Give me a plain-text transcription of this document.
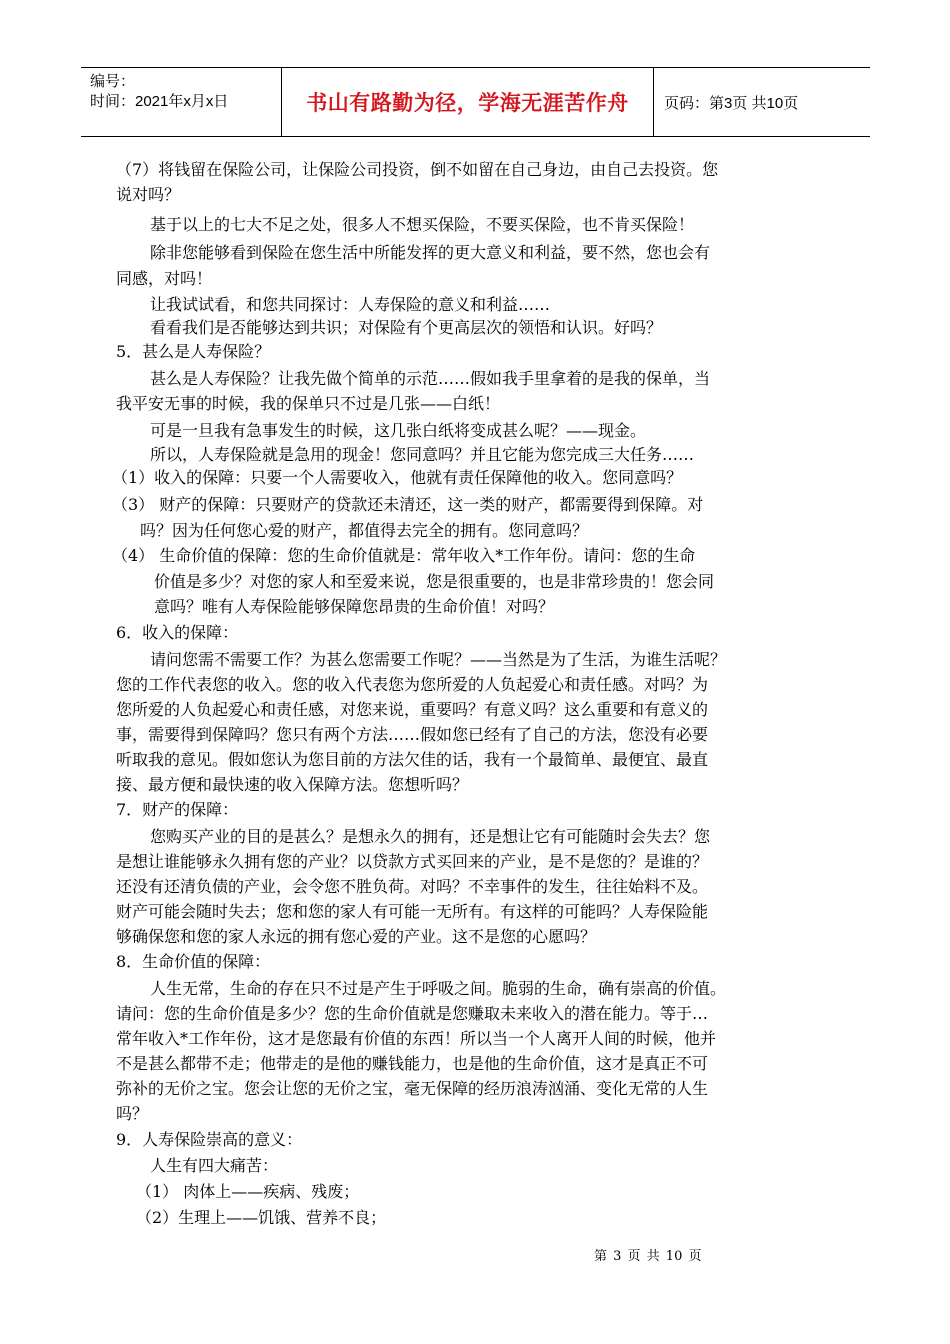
编号：
时间：2021年x月x日	书山有路勤为径，学海无涯苦作舟 页码：第3页 共10页
（7）将钱留在保险公司，让保险公司投资，倒不如留在自己身边，由自己去投资。您
说对吗？
基于以上的七大不足之处，很多人不想买保险，不要买保险，也不肯买保险！
除非您能够看到保险在您生活中所能发挥的更大意义和利益，要不然，您也会有
同感，对吗！
让我试试看，和您共同探讨：人寿保险的意义和利益……
看看我们是否能够达到共识；对保险有个更高层次的领悟和认识。好吗？
5．甚么是人寿保险？
甚么是人寿保险？让我先做个简单的示范……假如我手里拿着的是我的保单，当
我平安无事的时候，我的保单只不过是几张——白纸！
可是一旦我有急事发生的时候，这几张白纸将变成甚么呢？——现金。
所以，人寿保险就是急用的现金！您同意吗？并且它能为您完成三大任务……
（1）收入的保障：只要一个人需要收入，他就有责任保障他的收入。您同意吗？
（3） 财产的保障：只要财产的贷款还未清还，这一类的财产，都需要得到保障。对
吗？因为任何您心爱的财产，都值得去完全的拥有。您同意吗？
（4） 生命价值的保障：您的生命价值就是：常年收入*工作年份。请问：您的生命
价值是多少？对您的家人和至爱来说，您是很重要的，也是非常珍贵的！您会同
意吗？唯有人寿保险能够保障您昂贵的生命价值！对吗？
6．收入的保障：
请问您需不需要工作？为甚么您需要工作呢？——当然是为了生活，为谁生活呢？
您的工作代表您的收入。您的收入代表您为您所爱的人负起爱心和责任感。对吗？为
您所爱的人负起爱心和责任感，对您来说，重要吗？有意义吗？这么重要和有意义的
事，需要得到保障吗？您只有两个方法……假如您已经有了自己的方法，您没有必要
听取我的意见。假如您认为您目前的方法欠佳的话，我有一个最简单、最便宜、最直
接、最方便和最快速的收入保障方法。您想听吗？
7．财产的保障：
您购买产业的目的是甚么？是想永久的拥有，还是想让它有可能随时会失去？您
是想让谁能够永久拥有您的产业？以贷款方式买回来的产业，是不是您的？是谁的？
还没有还清负债的产业，会令您不胜负荷。对吗？不幸事件的发生，往往始料不及。
财产可能会随时失去；您和您的家人有可能一无所有。有这样的可能吗？人寿保险能
够确保您和您的家人永远的拥有您心爱的产业。这不是您的心愿吗？
8．生命价值的保障：
人生无常，生命的存在只不过是产生于呼吸之间。脆弱的生命，确有崇高的价值。
请问：您的生命价值是多少？您的生命价值就是您赚取未来收入的潜在能力。等于…
常年收入*工作年份，这才是您最有价值的东西！所以当一个人离开人间的时候，他并
不是甚么都带不走；他带走的是他的赚钱能力，也是他的生命价值，这才是真正不可
弥补的无价之宝。您会让您的无价之宝，毫无保障的经历浪涛汹涌、变化无常的人生
吗？
9．人寿保险崇高的意义：
人生有四大痛苦：
（1） 肉体上——疾病、残废；
（2）生理上——饥饿、营养不良；
第 3 页 共 10 页
